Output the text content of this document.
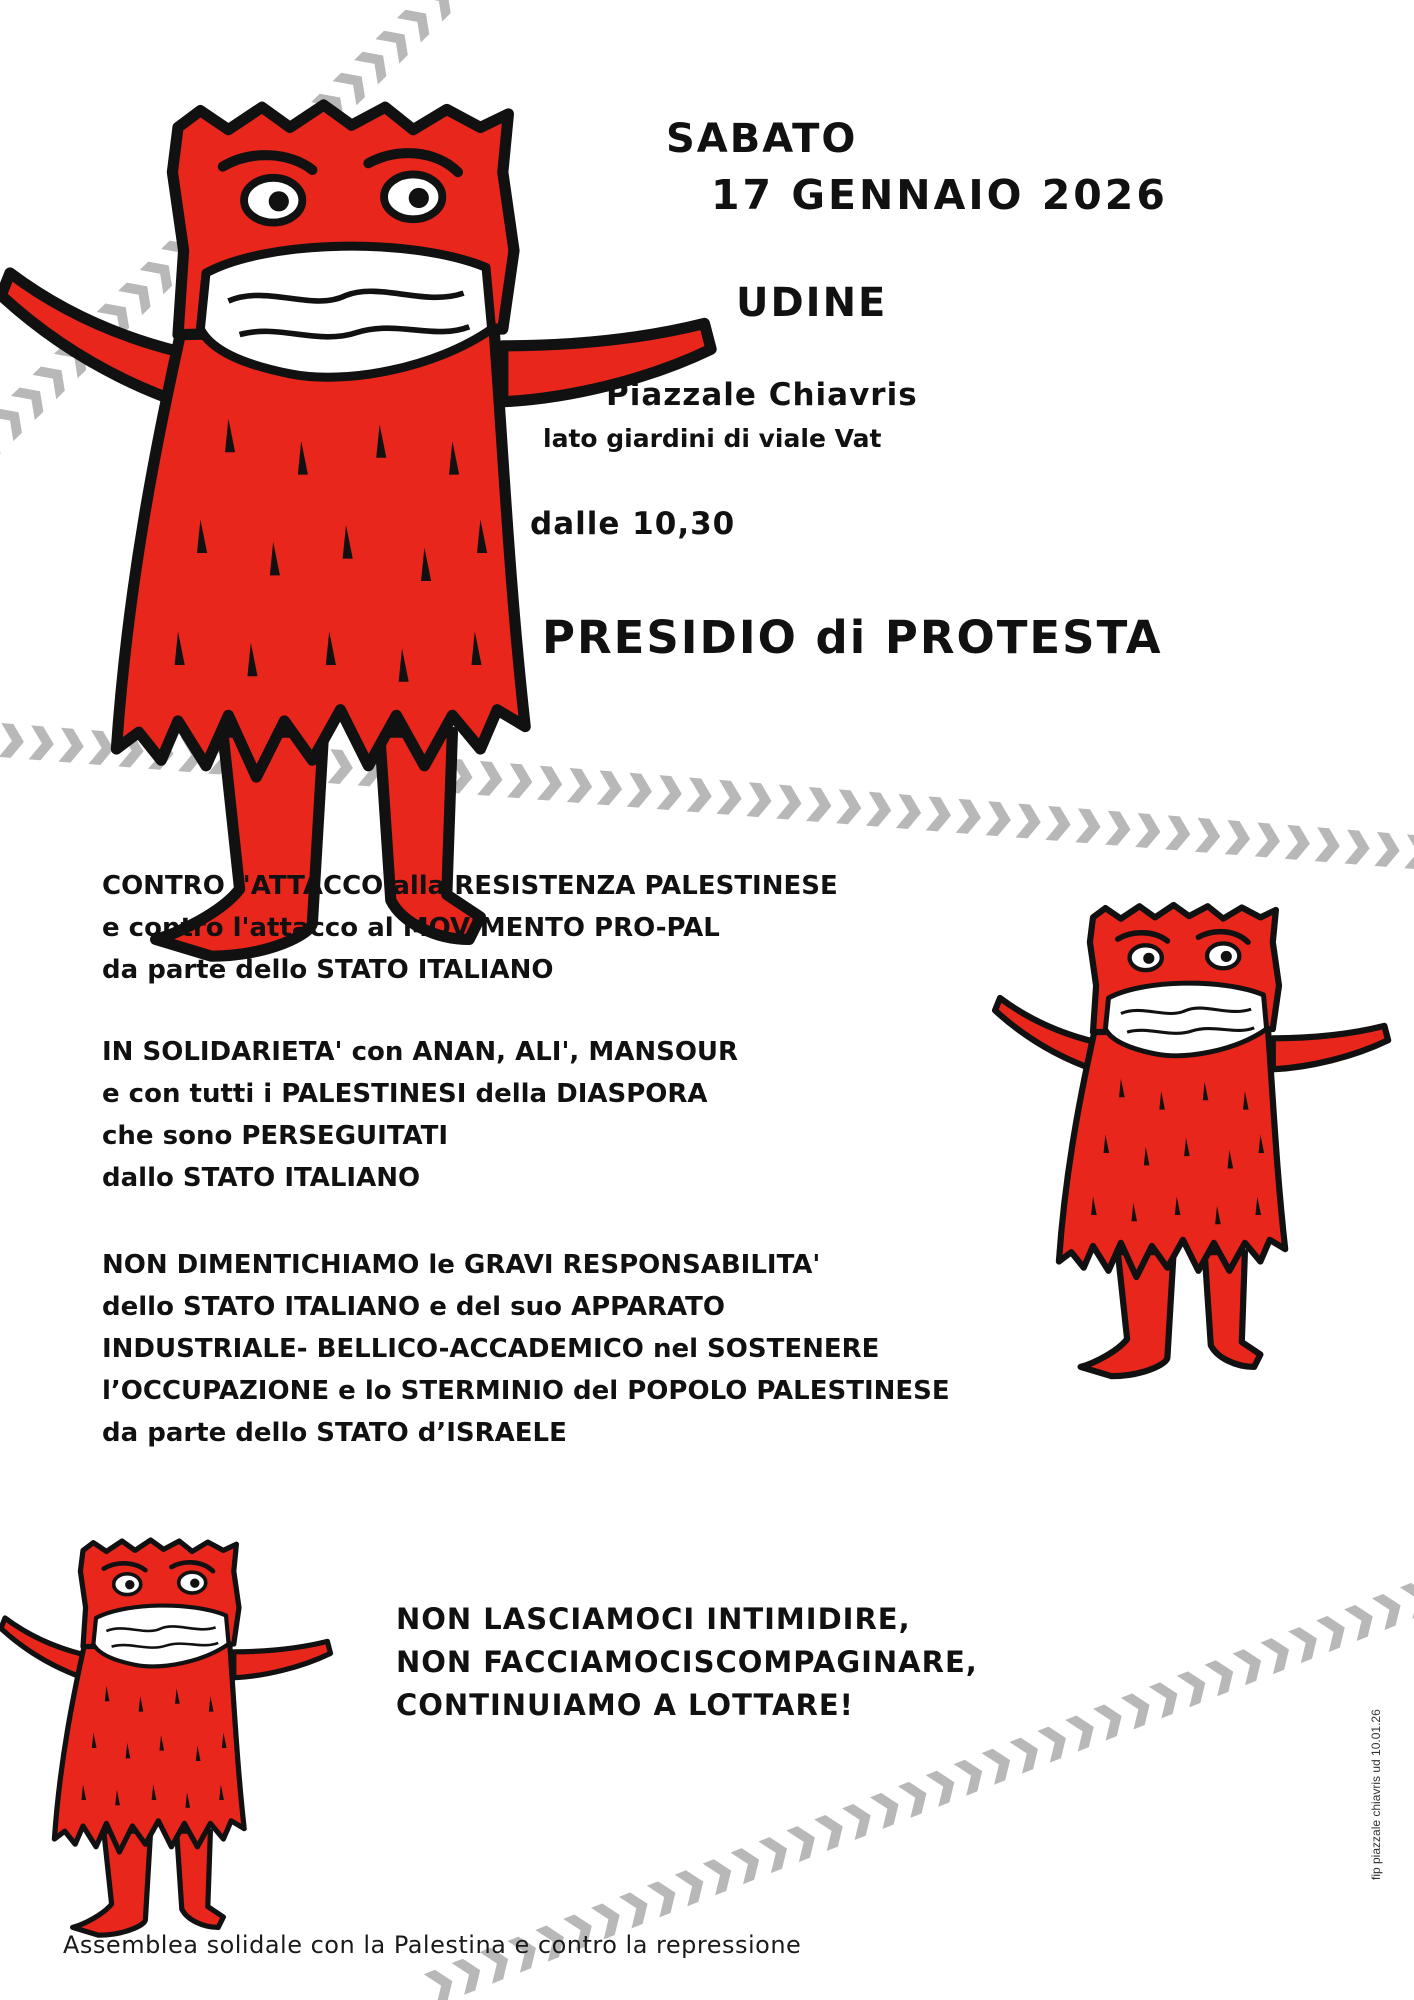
SABATO
17 GENNAIO 2026
UDINE
Piazzale Chiavris
lato giardini di viale Vat
dalle 10,30
PRESIDIO di PROTESTA
CONTRO l'ATTACCO alla RESISTENZA PALESTINESE
e contro l'attacco al MOVIMENTO PRO-PAL
da parte dello STATO ITALIANO
IN SOLIDARIETA' con ANAN, ALI', MANSOUR
e con tutti i PALESTINESI della DIASPORA
che sono PERSEGUITATI
dallo STATO ITALIANO
NON DIMENTICHIAMO le GRAVI RESPONSABILITA'
dello STATO ITALIANO e del suo APPARATO
INDUSTRIALE- BELLICO-ACCADEMICO nel SOSTENERE
l’OCCUPAZIONE e lo STERMINIO del POPOLO PALESTINESE
da parte dello STATO d’ISRAELE
NON LASCIAMOCI INTIMIDIRE,
NON FACCIAMOCISCOMPAGINARE,
CONTINUIAMO A LOTTARE!
Assemblea solidale con la Palestina e contro la repressione
fip piazzale chiavris ud 10.01.26
